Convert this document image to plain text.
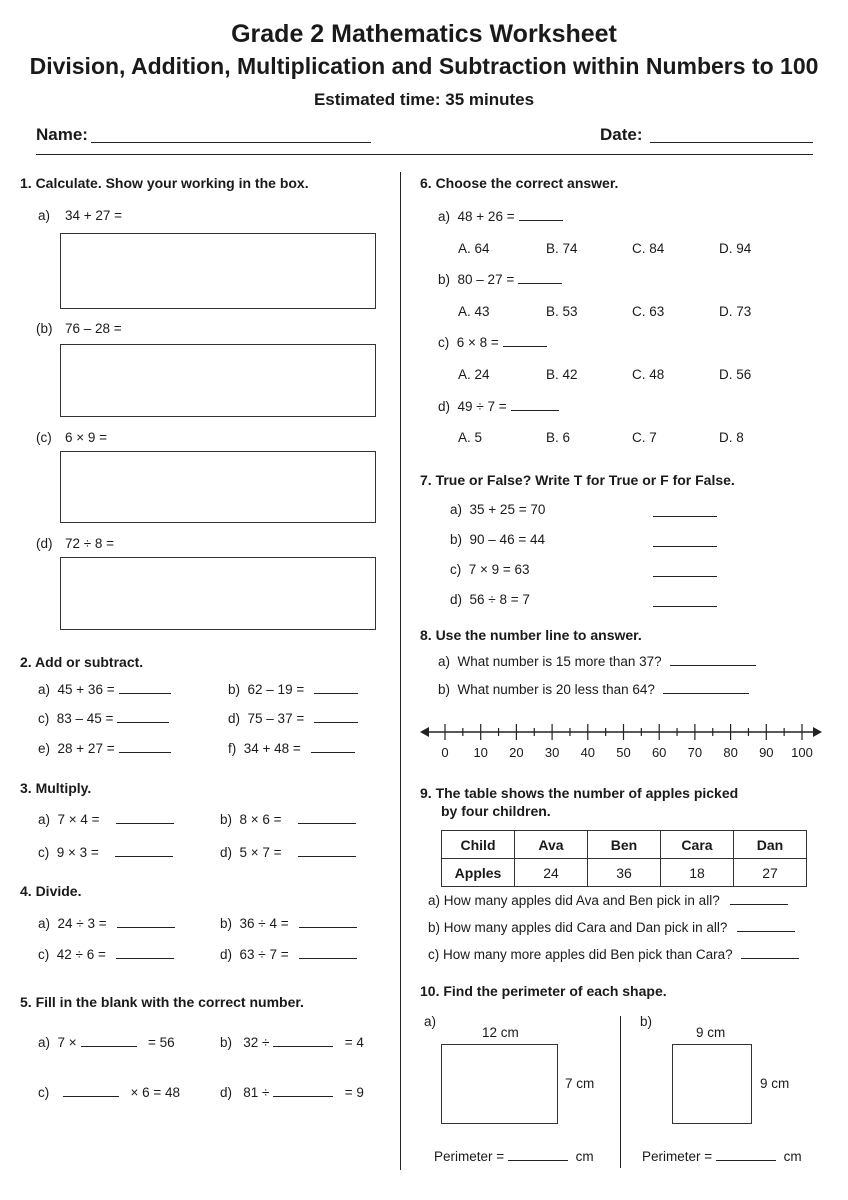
Grade 2 Mathematics Worksheet
Division, Addition, Multiplication and Subtraction within Numbers to 100
Estimated time: 35 minutes
Name:	Date:
1. Calculate. Show your working in the box.
a) 34 + 27 =
(b) 76 – 28 =
(c) 6 × 9 =
(d) 72 ÷ 8 =
2. Add or subtract.
a) 45 + 36 =	b) 62 – 19 =
c) 83 – 45 =	d) 75 – 37 =
e) 28 + 27 =	f) 34 + 48 =
3. Multiply.
a) 7 × 4 =	b) 8 × 6 =
c) 9 × 3 =	d) 5 × 7 =
4. Divide.
a) 24 ÷ 3 =	b) 36 ÷ 4 =
c) 42 ÷ 6 =	d) 63 ÷ 7 =
5. Fill in the blank with the correct number.
a) 7 ×	= 56	b) 32 ÷	= 4
c)	× 6 = 48	d) 81 ÷	= 9
6. Choose the correct answer.
a) 48 + 26 =
A. 64	B. 74	C. 84	D. 94
b) 80 – 27 =
A. 43	B. 53	C. 63	D. 73
c) 6 × 8 =
A. 24	B. 42	C. 48	D. 56
d) 49 ÷ 7 =
A. 5	B. 6	C. 7	D. 8
7. True or False? Write T for True or F for False.
a) 35 + 25 = 70
b) 90 – 46 = 44
c) 7 × 9 = 63
d) 56 ÷ 8 = 7
8. Use the number line to answer.
a) What number is 15 more than 37?
b) What number is 20 less than 64?
0	10	20	30	40	50	60	70	80	90	100
9. The table shows the number of apples picked
by four children.
Child	Ava	Ben	Cara	Dan
Apples	24	36	18	27
a) How many apples did Ava and Ben pick in all?
b) How many apples did Cara and Dan pick in all?
c) How many more apples did Ben pick than Cara?
10. Find the perimeter of each shape.
a)
12 cm
7 cm
Perimeter =	cm
b)
9 cm
9 cm
Perimeter =	cm
